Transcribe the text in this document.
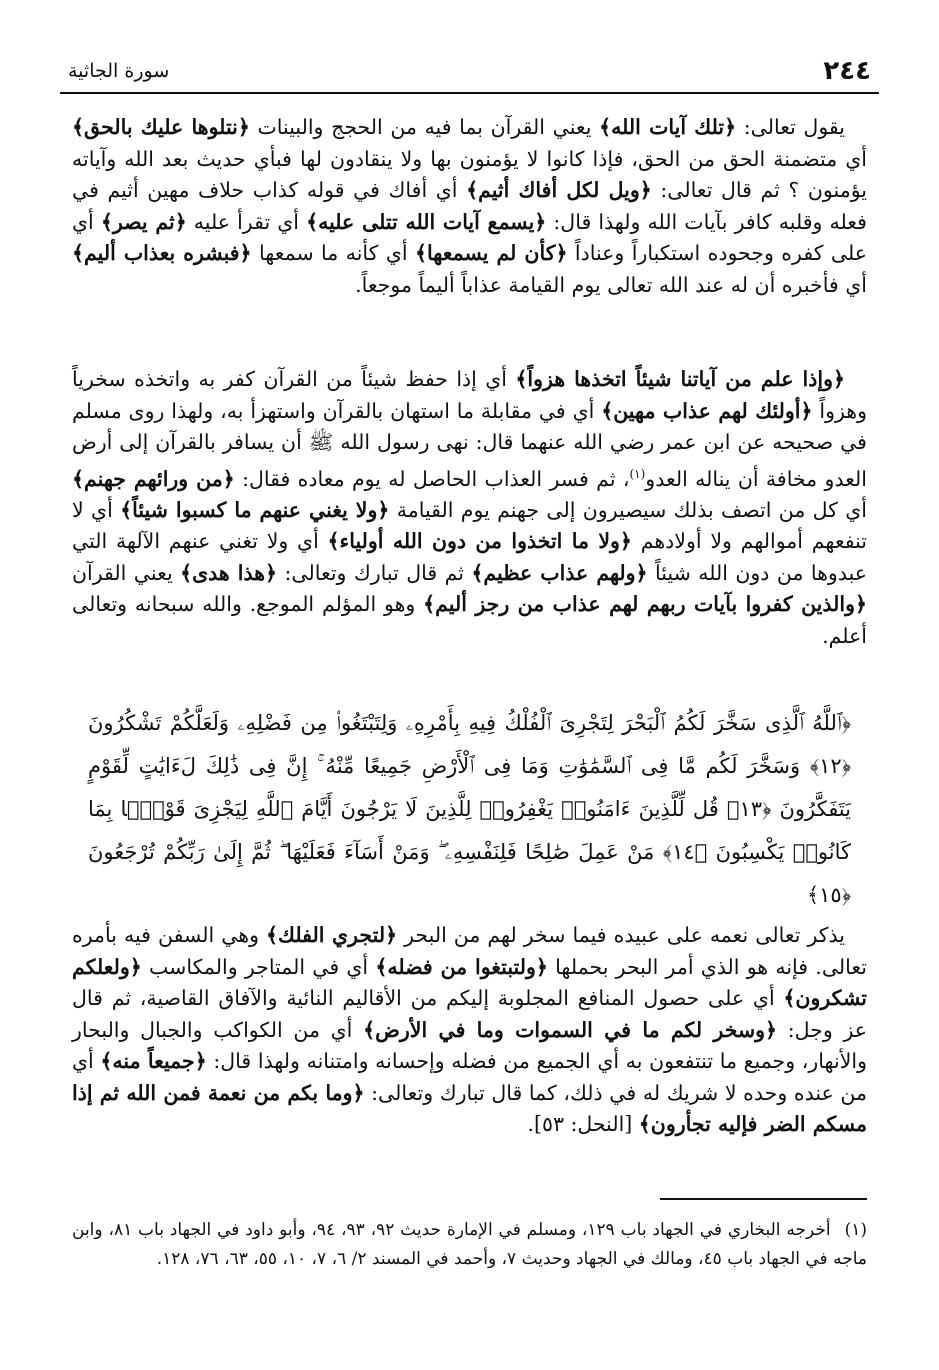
٢٤٤
سورة الجاثية

يقول تعالى: ﴿تلك آيات الله﴾ يعني القرآن بما فيه من الحجج والبينات ﴿نتلوها عليك بالحق﴾ أي متضمنة الحق من الحق، فإذا كانوا لا يؤمنون بها ولا ينقادون لها فبأي حديث بعد الله وآياته يؤمنون ؟ ثم قال تعالى: ﴿ويل لكل أفاك أثيم﴾ أي أفاك في قوله كذاب حلاف مهين أثيم في فعله وقلبه كافر بآيات الله ولهذا قال: ﴿يسمع آيات الله تتلى عليه﴾ أي تقرأ عليه ﴿ثم يصر﴾ أي على كفره وجحوده استكباراً وعناداً ﴿كأن لم يسمعها﴾ أي كأنه ما سمعها ﴿فبشره بعذاب أليم﴾ أي فأخبره أن له عند الله تعالى يوم القيامة عذاباً أليماً موجعاً.

﴿وإذا علم من آياتنا شيئاً اتخذها هزواً﴾ أي إذا حفظ شيئاً من القرآن كفر به واتخذه سخرياً وهزواً ﴿أولئك لهم عذاب مهين﴾ أي في مقابلة ما استهان بالقرآن واستهزأ به، ولهذا روى مسلم في صحيحه عن ابن عمر رضي الله عنهما قال: نهى رسول الله ﷺ أن يسافر بالقرآن إلى أرض العدو مخافة أن يناله العدو$^{(١)}$، ثم فسر العذاب الحاصل له يوم معاده فقال: ﴿من ورائهم جهنم﴾ أي كل من اتصف بذلك سيصيرون إلى جهنم يوم القيامة ﴿ولا يغني عنهم ما كسبوا شيئاً﴾ أي لا تنفعهم أموالهم ولا أولادهم ﴿ولا ما اتخذوا من دون الله أولياء﴾ أي ولا تغني عنهم الآلهة التي عبدوها من دون الله شيئاً ﴿ولهم عذاب عظيم﴾ ثم قال تبارك وتعالى: ﴿هذا هدى﴾ يعني القرآن ﴿والذين كفروا بآيات ربهم لهم عذاب من رجز أليم﴾ وهو المؤلم الموجع. والله سبحانه وتعالى أعلم.

﴿ٱللَّهُ ٱلَّذِى سَخَّرَ لَكُمُ ٱلْبَحْرَ لِتَجْرِىَ ٱلْفُلْكُ فِيهِ بِأَمْرِهِۦ وَلِتَبْتَغُوا۟ مِن فَضْلِهِۦ وَلَعَلَّكُمْ تَشْكُرُونَ ﴿١٢﴾ وَسَخَّرَ لَكُم مَّا فِى ٱلسَّمَٰوَٰتِ وَمَا فِى ٱلْأَرْضِ جَمِيعًا مِّنْهُ ۚ إِنَّ فِى ذَٰلِكَ لَءَايَٰتٍ لِّقَوْمٍ يَتَفَكَّرُونَ ﴿١٣﴾ قُل لِّلَّذِينَ ءَامَنُوا۟ يَغْفِرُوا۟ لِلَّذِينَ لَا يَرْجُونَ أَيَّامَ ٱللَّهِ لِيَجْزِىَ قَوْمًۢا بِمَا كَانُوا۟ يَكْسِبُونَ ﴿١٤﴾ مَنْ عَمِلَ صَٰلِحًا فَلِنَفْسِهِۦ ۖ وَمَنْ أَسَآءَ فَعَلَيْهَا ۖ ثُمَّ إِلَىٰ رَبِّكُمْ تُرْجَعُونَ ﴿١٥﴾

يذكر تعالى نعمه على عبيده فيما سخر لهم من البحر ﴿لتجري الفلك﴾ وهي السفن فيه بأمره تعالى. فإنه هو الذي أمر البحر بحملها ﴿ولتبتغوا من فضله﴾ أي في المتاجر والمكاسب ﴿ولعلكم تشكرون﴾ أي على حصول المنافع المجلوبة إليكم من الأقاليم النائية والآفاق القاصية، ثم قال عز وجل: ﴿وسخر لكم ما في السموات وما في الأرض﴾ أي من الكواكب والجبال والبحار والأنهار، وجميع ما تنتفعون به أي الجميع من فضله وإحسانه وامتنانه ولهذا قال: ﴿جميعاً منه﴾ أي من عنده وحده لا شريك له في ذلك، كما قال تبارك وتعالى: ﴿وما بكم من نعمة فمن الله ثم إذا مسكم الضر فإليه تجأرون﴾ [النحل: ٥٣].

(١)أخرجه البخاري في الجهاد باب ١٢٩، ومسلم في الإمارة حديث ٩٢، ٩٣، ٩٤، وأبو داود في الجهاد باب ٨١، وابن ماجه في الجهاد باب ٤٥، ومالك في الجهاد وحديث ٧، وأحمد في المسند ٢/ ٦، ٧، ١٠، ٥٥، ٦٣، ٧٦، ١٢٨.
